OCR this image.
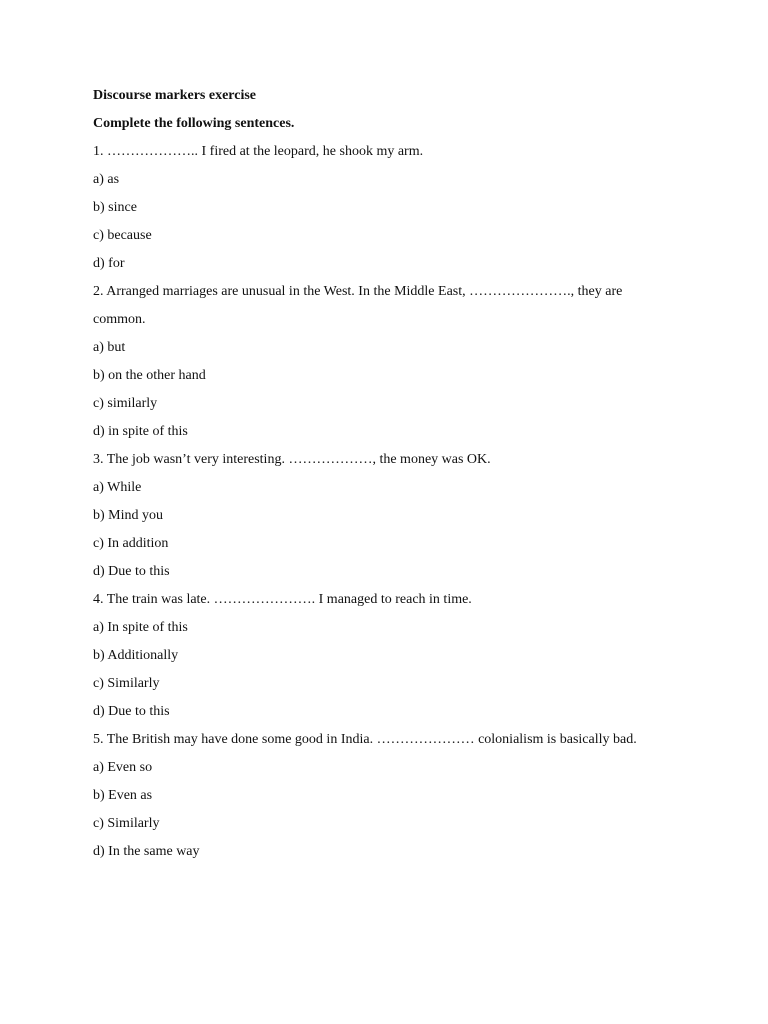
Discourse markers exercise

Complete the following sentences.

1. ……………….. I fired at the leopard, he shook my arm.

a) as

b) since

c) because

d) for

2. Arranged marriages are unusual in the West. In the Middle East, …………………., they are

common.

a) but

b) on the other hand

c) similarly

d) in spite of this

3. The job wasn’t very interesting. ………………, the money was OK.

a) While

b) Mind you

c) In addition

d) Due to this

4. The train was late. …………………. I managed to reach in time.

a) In spite of this

b) Additionally

c) Similarly

d) Due to this

5. The British may have done some good in India. ………………… colonialism is basically bad.

a) Even so

b) Even as

c) Similarly

d) In the same way
